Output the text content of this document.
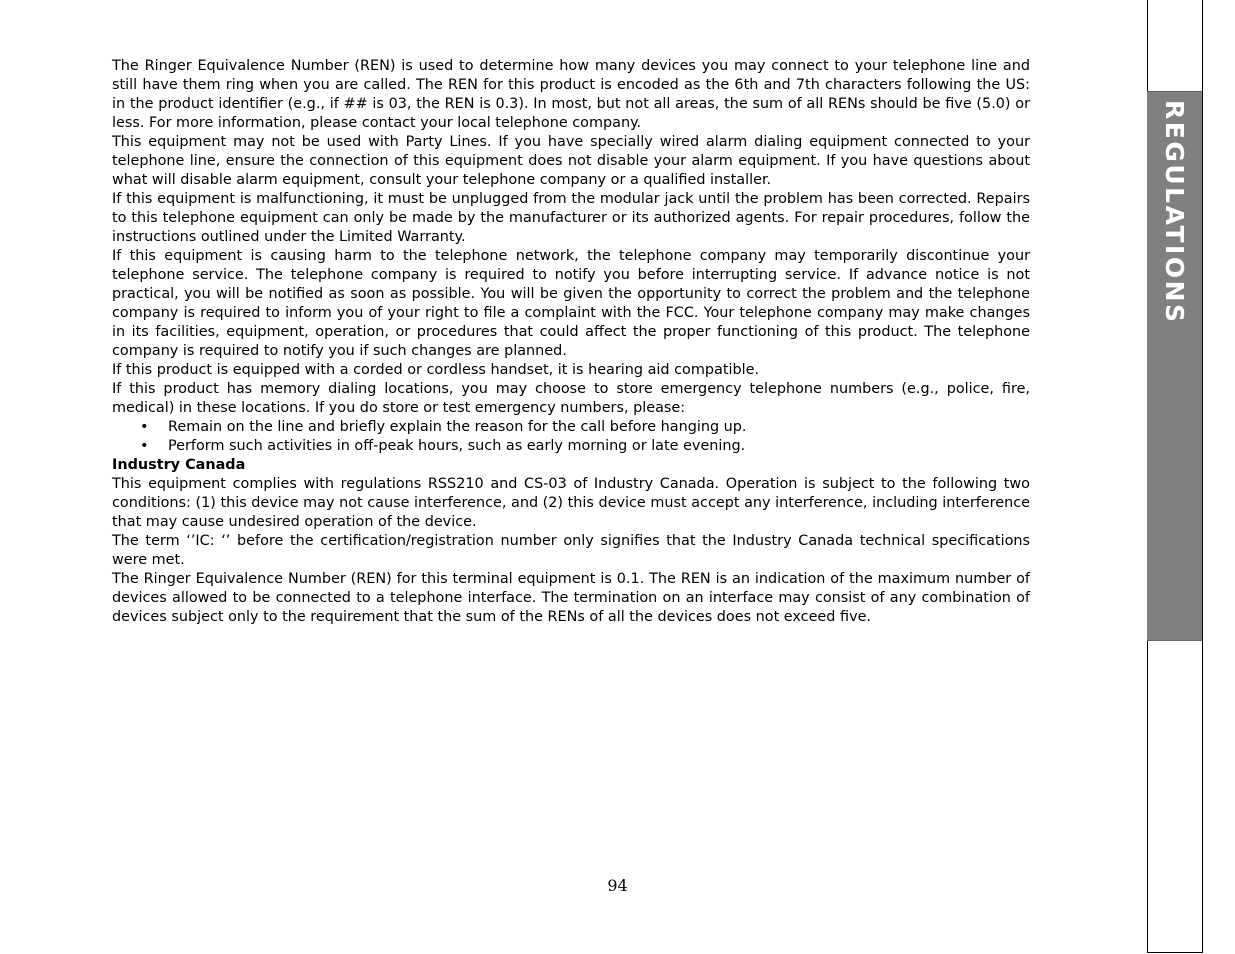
REGULATIONS

The Ringer Equivalence Number (REN) is used to determine how many devices you may connect to your telephone line and still have them ring when you are called. The REN for this product is encoded as the 6th and 7th characters following the US: in the product identifier (e.g., if ## is 03, the REN is 0.3). In most, but not all areas, the sum of all RENs should be five (5.0) or less. For more information, please contact your local telephone company.

This equipment may not be used with Party Lines. If you have specially wired alarm dialing equipment connected to your telephone line, ensure the connection of this equipment does not disable your alarm equipment. If you have questions about what will disable alarm equipment, consult your telephone company or a qualified installer.

If this equipment is malfunctioning, it must be unplugged from the modular jack until the problem has been corrected. Repairs to this telephone equipment can only be made by the manufacturer or its authorized agents. For repair procedures, follow the instructions outlined under the Limited Warranty.

If this equipment is causing harm to the telephone network, the telephone company may temporarily discontinue your telephone service. The telephone company is required to notify you before interrupting service. If advance notice is not practical, you will be notified as soon as possible. You will be given the opportunity to correct the problem and the telephone company is required to inform you of your right to file a complaint with the FCC. Your telephone company may make changes in its facilities, equipment, operation, or procedures that could affect the proper functioning of this product. The telephone company is required to notify you if such changes are planned.

If this product is equipped with a corded or cordless handset, it is hearing aid compatible.

If this product has memory dialing locations, you may choose to store emergency telephone numbers (e.g., police, fire, medical) in these locations. If you do store or test emergency numbers, please:

• Remain on the line and briefly explain the reason for the call before hanging up.
• Perform such activities in off-peak hours, such as early morning or late evening.

Industry Canada

This equipment complies with regulations RSS210 and CS-03 of Industry Canada. Operation is subject to the following two conditions: (1) this device may not cause interference, and (2) this device must accept any interference, including interference that may cause undesired operation of the device.

The term ‘’IC: ‘’ before the certification/registration number only signifies that the Industry Canada technical specifications were met.

The Ringer Equivalence Number (REN) for this terminal equipment is 0.1. The REN is an indication of the maximum number of devices allowed to be connected to a telephone interface. The termination on an interface may consist of any combination of devices subject only to the requirement that the sum of the RENs of all the devices does not exceed five.

94
